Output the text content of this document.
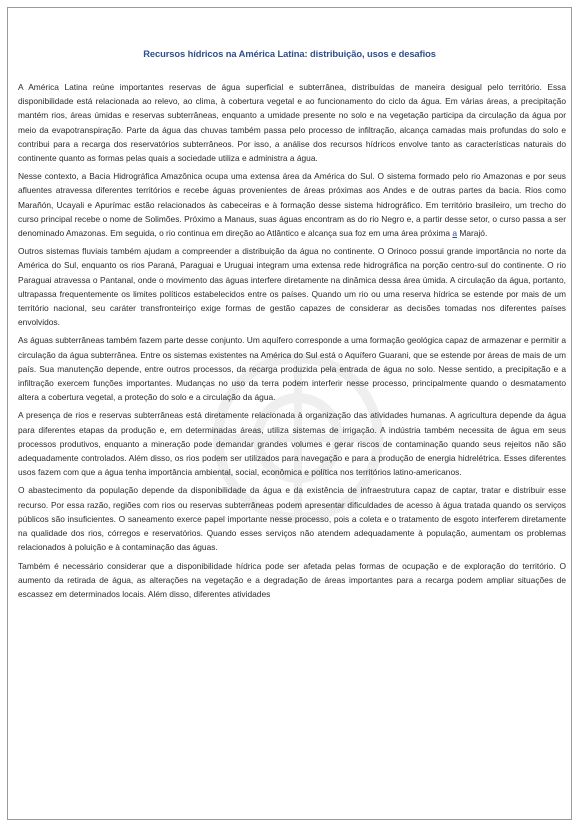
Recursos hídricos na América Latina: distribuição, usos e desafios

A América Latina reúne importantes reservas de água superficial e subterrânea, distribuídas de maneira desigual pelo território. Essa disponibilidade está relacionada ao relevo, ao clima, à cobertura vegetal e ao funcionamento do ciclo da água. Em várias áreas, a precipitação mantém rios, áreas úmidas e reservas subterrâneas, enquanto a umidade presente no solo e na vegetação participa da circulação da água por meio da evapotranspiração. Parte da água das chuvas também passa pelo processo de infiltração, alcança camadas mais profundas do solo e contribui para a recarga dos reservatórios subterrâneos. Por isso, a análise dos recursos hídricos envolve tanto as características naturais do continente quanto as formas pelas quais a sociedade utiliza e administra a água.

Nesse contexto, a Bacia Hidrográfica Amazônica ocupa uma extensa área da América do Sul. O sistema formado pelo rio Amazonas e por seus afluentes atravessa diferentes territórios e recebe águas provenientes de áreas próximas aos Andes e de outras partes da bacia. Rios como Marañón, Ucayali e Apurímac estão relacionados às cabeceiras e à formação desse sistema hidrográfico. Em território brasileiro, um trecho do curso principal recebe o nome de Solimões. Próximo a Manaus, suas águas encontram as do rio Negro e, a partir desse setor, o curso passa a ser denominado Amazonas. Em seguida, o rio continua em direção ao Atlântico e alcança sua foz em uma área próxima a Marajó.

Outros sistemas fluviais também ajudam a compreender a distribuição da água no continente. O Orinoco possui grande importância no norte da América do Sul, enquanto os rios Paraná, Paraguai e Uruguai integram uma extensa rede hidrográfica na porção centro-sul do continente. O rio Paraguai atravessa o Pantanal, onde o movimento das águas interfere diretamente na dinâmica dessa área úmida. A circulação da água, portanto, ultrapassa frequentemente os limites políticos estabelecidos entre os países. Quando um rio ou uma reserva hídrica se estende por mais de um território nacional, seu caráter transfronteiriço exige formas de gestão capazes de considerar as decisões tomadas nos diferentes países envolvidos.

As águas subterrâneas também fazem parte desse conjunto. Um aquífero corresponde a uma formação geológica capaz de armazenar e permitir a circulação da água subterrânea. Entre os sistemas existentes na América do Sul está o Aquífero Guarani, que se estende por áreas de mais de um país. Sua manutenção depende, entre outros processos, da recarga produzida pela entrada de água no solo. Nesse sentido, a precipitação e a infiltração exercem funções importantes. Mudanças no uso da terra podem interferir nesse processo, principalmente quando o desmatamento altera a cobertura vegetal, a proteção do solo e a circulação da água.

A presença de rios e reservas subterrâneas está diretamente relacionada à organização das atividades humanas. A agricultura depende da água para diferentes etapas da produção e, em determinadas áreas, utiliza sistemas de irrigação. A indústria também necessita de água em seus processos produtivos, enquanto a mineração pode demandar grandes volumes e gerar riscos de contaminação quando seus rejeitos não são adequadamente controlados. Além disso, os rios podem ser utilizados para navegação e para a produção de energia hidrelétrica. Esses diferentes usos fazem com que a água tenha importância ambiental, social, econômica e política nos territórios latino-americanos.

O abastecimento da população depende da disponibilidade da água e da existência de infraestrutura capaz de captar, tratar e distribuir esse recurso. Por essa razão, regiões com rios ou reservas subterrâneas podem apresentar dificuldades de acesso à água tratada quando os serviços públicos são insuficientes. O saneamento exerce papel importante nesse processo, pois a coleta e o tratamento de esgoto interferem diretamente na qualidade dos rios, córregos e reservatórios. Quando esses serviços não atendem adequadamente à população, aumentam os problemas relacionados à poluição e à contaminação das águas.

Também é necessário considerar que a disponibilidade hídrica pode ser afetada pelas formas de ocupação e de exploração do território. O aumento da retirada de água, as alterações na vegetação e a degradação de áreas importantes para a recarga podem ampliar situações de escassez em determinados locais. Além disso, diferentes atividades
